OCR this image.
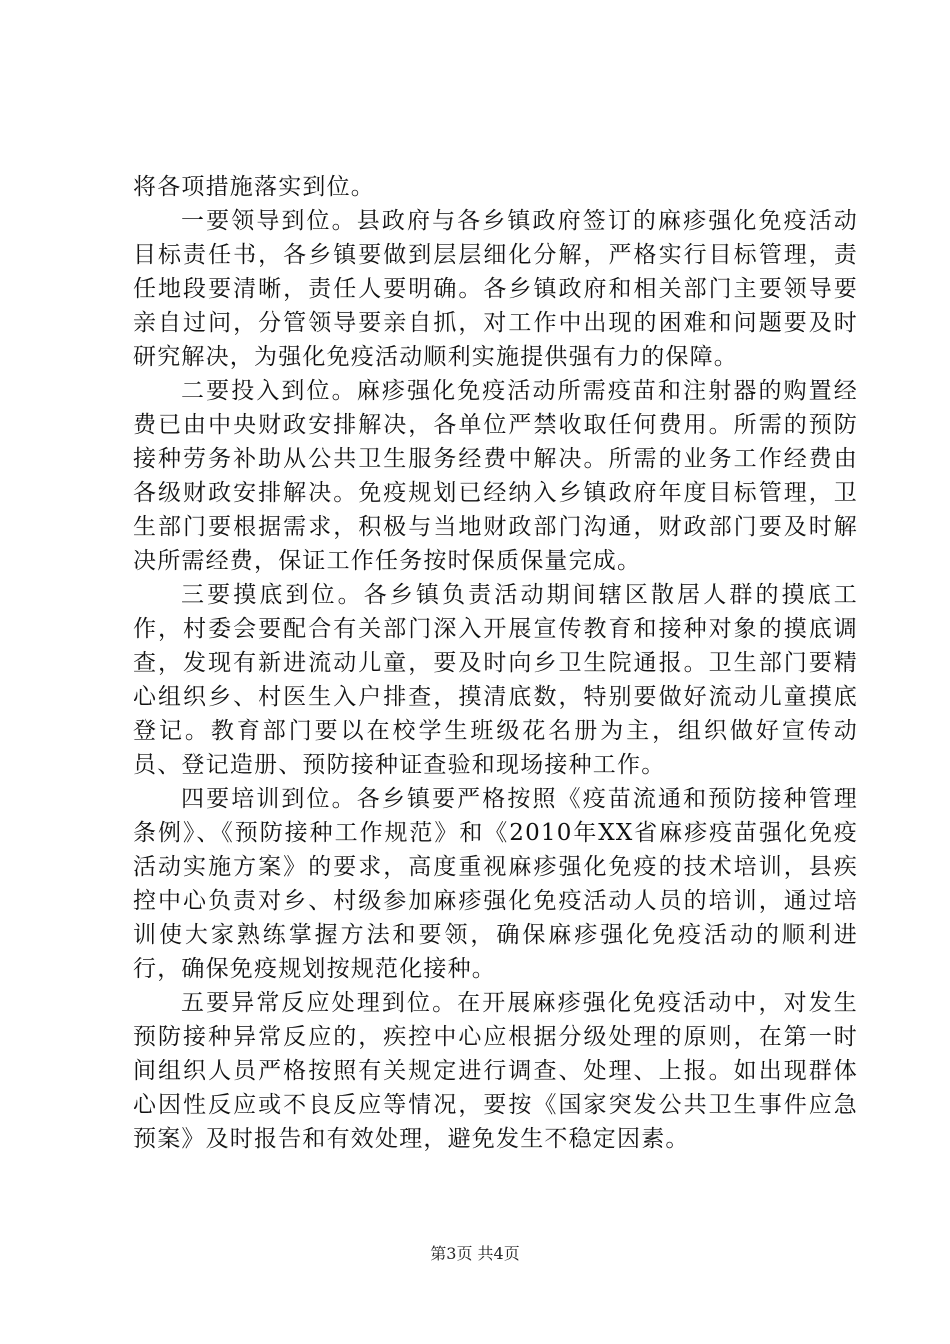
将各项措施落实到位。

一要领导到位。县政府与各乡镇政府签订的麻疹强化免疫活动目标责任书，各乡镇要做到层层细化分解，严格实行目标管理，责任地段要清晰，责任人要明确。各乡镇政府和相关部门主要领导要亲自过问，分管领导要亲自抓，对工作中出现的困难和问题要及时研究解决，为强化免疫活动顺利实施提供强有力的保障。

二要投入到位。麻疹强化免疫活动所需疫苗和注射器的购置经费已由中央财政安排解决，各单位严禁收取任何费用。所需的预防接种劳务补助从公共卫生服务经费中解决。所需的业务工作经费由各级财政安排解决。免疫规划已经纳入乡镇政府年度目标管理，卫生部门要根据需求，积极与当地财政部门沟通，财政部门要及时解决所需经费，保证工作任务按时保质保量完成。

三要摸底到位。各乡镇负责活动期间辖区散居人群的摸底工作，村委会要配合有关部门深入开展宣传教育和接种对象的摸底调查，发现有新进流动儿童，要及时向乡卫生院通报。卫生部门要精心组织乡、村医生入户排查，摸清底数，特别要做好流动儿童摸底登记。教育部门要以在校学生班级花名册为主，组织做好宣传动员、登记造册、预防接种证查验和现场接种工作。

四要培训到位。各乡镇要严格按照《疫苗流通和预防接种管理条例》、《预防接种工作规范》和《2010年XX省麻疹疫苗强化免疫活动实施方案》的要求，高度重视麻疹强化免疫的技术培训，县疾控中心负责对乡、村级参加麻疹强化免疫活动人员的培训，通过培训使大家熟练掌握方法和要领，确保麻疹强化免疫活动的顺利进行，确保免疫规划按规范化接种。

五要异常反应处理到位。在开展麻疹强化免疫活动中，对发生预防接种异常反应的，疾控中心应根据分级处理的原则，在第一时间组织人员严格按照有关规定进行调查、处理、上报。如出现群体心因性反应或不良反应等情况，要按《国家突发公共卫生事件应急预案》及时报告和有效处理，避免发生不稳定因素。

第3页 共4页
